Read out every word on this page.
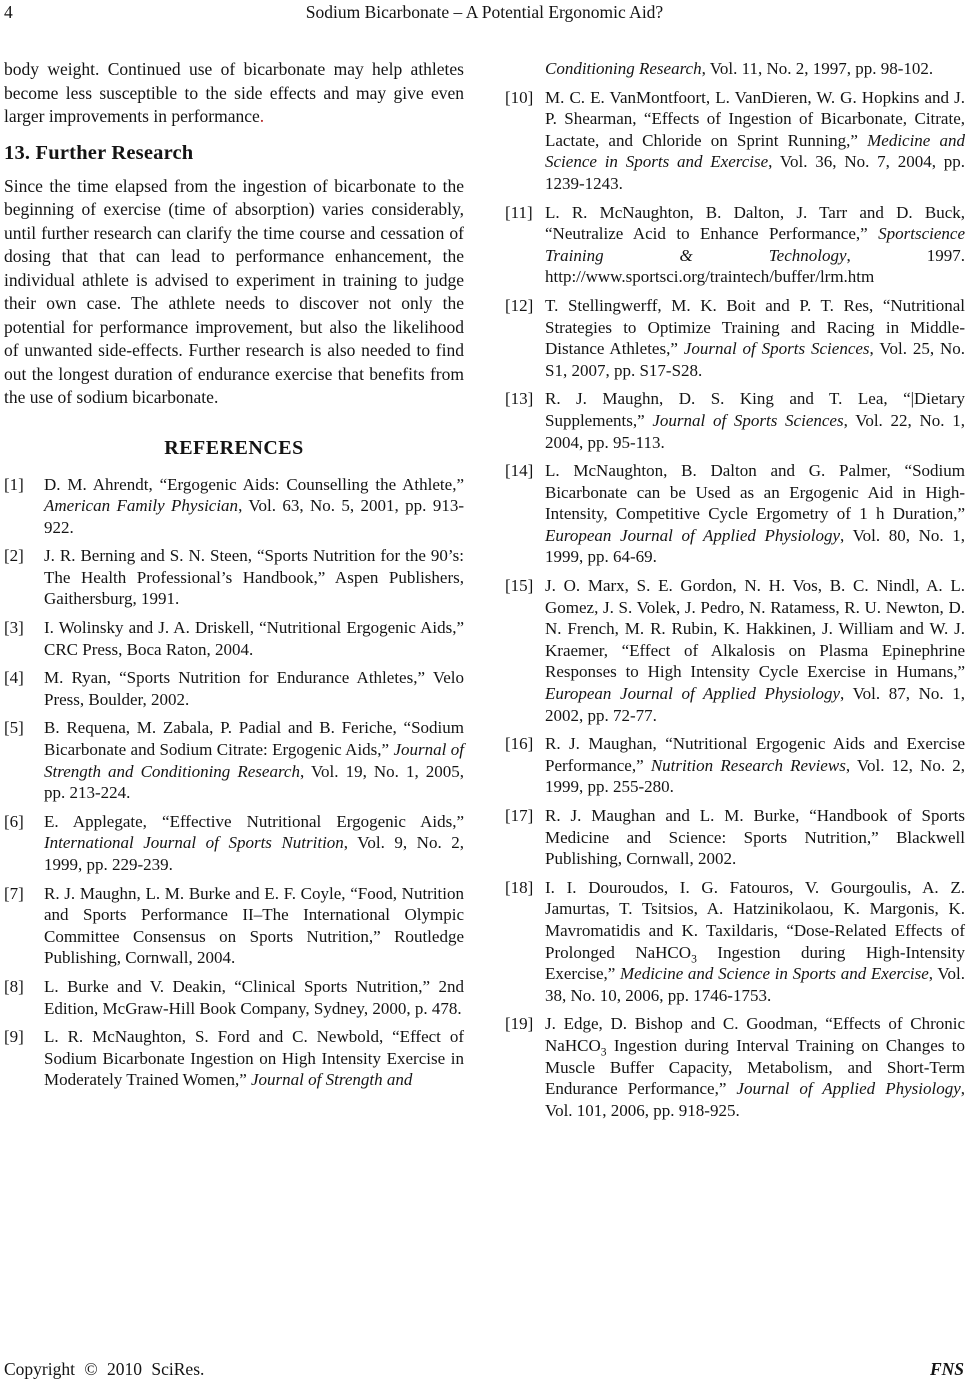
4	Sodium Bicarbonate – A Potential Ergonomic Aid?

body weight. Continued use of bicarbonate may help athletes become less susceptible to the side effects and may give even larger improvements in performance.

13. Further Research

Since the time elapsed from the ingestion of bicarbonate to the beginning of exercise (time of absorption) varies considerably, until further research can clarify the time course and cessation of dosing that that can lead to performance enhancement, the individual athlete is advised to experiment in training to judge their own case. The athlete needs to discover not only the potential for performance improvement, but also the likelihood of unwanted side-effects. Further research is also needed to find out the longest duration of endurance exercise that benefits from the use of sodium bicarbonate.

REFERENCES
[1]	D. M. Ahrendt, “Ergogenic Aids: Counselling the Athlete,” American Family Physician, Vol. 63, No. 5, 2001, pp. 913-922.
[2]	J. R. Berning and S. N. Steen, “Sports Nutrition for the 90’s: The Health Professional’s Handbook,” Aspen Publishers, Gaithersburg, 1991.
[3]	I. Wolinsky and J. A. Driskell, “Nutritional Ergogenic Aids,” CRC Press, Boca Raton, 2004.
[4]	M. Ryan, “Sports Nutrition for Endurance Athletes,” Velo Press, Boulder, 2002.
[5]	B. Requena, M. Zabala, P. Padial and B. Feriche, “Sodium Bicarbonate and Sodium Citrate: Ergogenic Aids,” Journal of Strength and Conditioning Research, Vol. 19, No. 1, 2005, pp. 213-224.
[6]	E. Applegate, “Effective Nutritional Ergogenic Aids,” International Journal of Sports Nutrition, Vol. 9, No. 2, 1999, pp. 229-239.
[7]	R. J. Maughn, L. M. Burke and E. F. Coyle, “Food, Nutrition and Sports Performance II–The International Olympic Committee Consensus on Sports Nutrition,” Routledge Publishing, Cornwall, 2004.
[8]	L. Burke and V. Deakin, “Clinical Sports Nutrition,” 2nd Edition, McGraw-Hill Book Company, Sydney, 2000, p. 478.
[9]	L. R. McNaughton, S. Ford and C. Newbold, “Effect of Sodium Bicarbonate Ingestion on High Intensity Exercise in Moderately Trained Women,” Journal of Strength and

Conditioning Research, Vol. 11, No. 2, 1997, pp. 98-102.

[10] M. C. E. VanMontfoort, L. VanDieren, W. G. Hopkins and J. P. Shearman, “Effects of Ingestion of Bicarbonate, Citrate, Lactate, and Chloride on Sprint Running,” Medicine and Science in Sports and Exercise, Vol. 36, No. 7, 2004, pp. 1239-1243.
[11] L. R. McNaughton, B. Dalton, J. Tarr and D. Buck, “Neutralize Acid to Enhance Performance,” Sportscience Training & Technology, 1997. http://www.sportsci.org/traintech/buffer/lrm.htm
[12] T. Stellingwerff, M. K. Boit and P. T. Res, “Nutritional Strategies to Optimize Training and Racing in Middle-Distance Athletes,” Journal of Sports Sciences, Vol. 25, No. S1, 2007, pp. S17-S28.
[13] R. J. Maughn, D. S. King and T. Lea, “|Dietary Supplements,” Journal of Sports Sciences, Vol. 22, No. 1, 2004, pp. 95-113.
[14] L. McNaughton, B. Dalton and G. Palmer, “Sodium Bicarbonate can be Used as an Ergogenic Aid in High-Intensity, Competitive Cycle Ergometry of 1 h Duration,” European Journal of Applied Physiology, Vol. 80, No. 1, 1999, pp. 64-69.
[15] J. O. Marx, S. E. Gordon, N. H. Vos, B. C. Nindl, A. L. Gomez, J. S. Volek, J. Pedro, N. Ratamess, R. U. Newton, D. N. French, M. R. Rubin, K. Hakkinen, J. William and W. J. Kraemer, “Effect of Alkalosis on Plasma Epinephrine Responses to High Intensity Cycle Exercise in Humans,” European Journal of Applied Physiology, Vol. 87, No. 1, 2002, pp. 72-77.
[16] R. J. Maughan, “Nutritional Ergogenic Aids and Exercise Performance,” Nutrition Research Reviews, Vol. 12, No. 2, 1999, pp. 255-280.
[17] R. J. Maughan and L. M. Burke, “Handbook of Sports Medicine and Science: Sports Nutrition,” Blackwell Publishing, Cornwall, 2002.
[18] I. I. Douroudos, I. G. Fatouros, V. Gourgoulis, A. Z. Jamurtas, T. Tsitsios, A. Hatzinikolaou, K. Margonis, K. Mavromatidis and K. Taxildaris, “Dose-Related Effects of Prolonged NaHCO$_3$ Ingestion during High-Intensity Exercise,” Medicine and Science in Sports and Exercise, Vol. 38, No. 10, 2006, pp. 1746-1753.
[19] J. Edge, D. Bishop and C. Goodman, “Effects of Chronic NaHCO$_3$ Ingestion during Interval Training on Changes to Muscle Buffer Capacity, Metabolism, and Short-Term Endurance Performance,” Journal of Applied Physiology, Vol. 101, 2006, pp. 918-925.
Copyright © 2010 SciRes.	FNS
